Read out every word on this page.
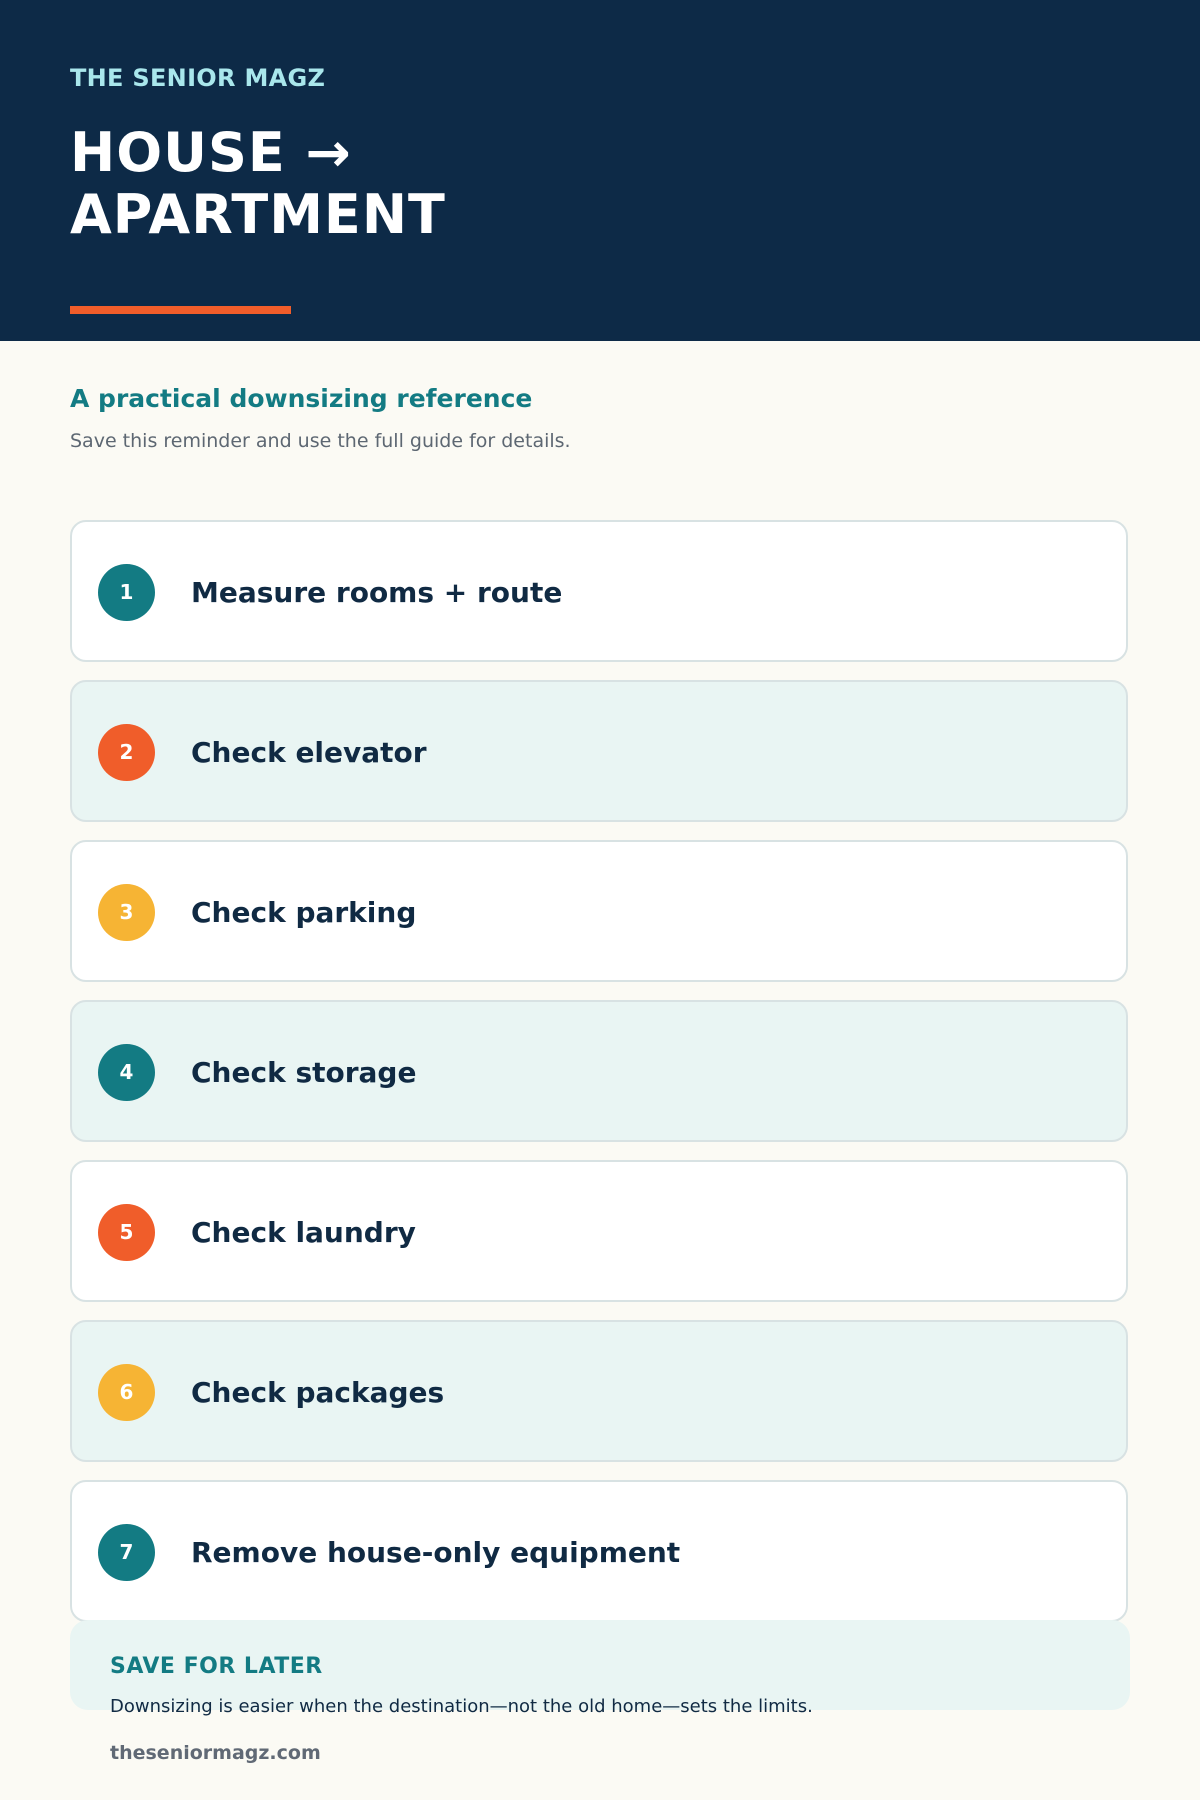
THE SENIOR MAGZ
HOUSE → APARTMENT
A practical downsizing reference
Save this reminder and use the full guide for details.
1	Measure rooms + route
2	Check elevator
3	Check parking
4	Check storage
5	Check laundry
6	Check packages
7	Remove house-only equipment
SAVE FOR LATER
Downsizing is easier when the destination—not the old home—sets the limits.
theseniormagz.com
